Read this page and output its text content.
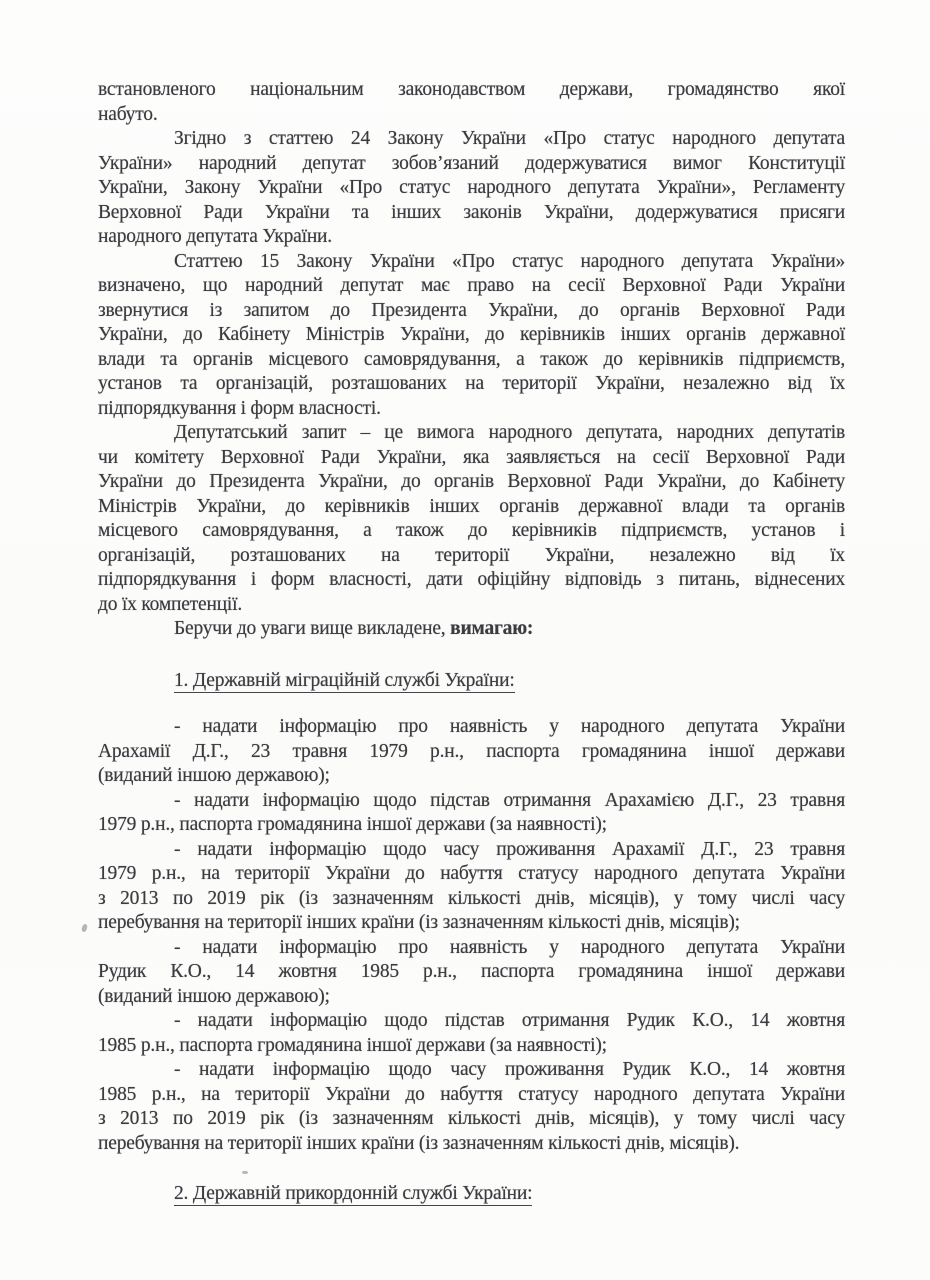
встановленого національним законодавством держави, громадянство якої
набуто.
Згідно з статтею 24 Закону України «Про статус народного депутата
України» народний депутат зобов’язаний додержуватися вимог Конституції
України, Закону України «Про статус народного депутата України», Регламенту
Верховної Ради України та інших законів України, додержуватися присяги
народного депутата України.
Статтею 15 Закону України «Про статус народного депутата України»
визначено, що народний депутат має право на сесії Верховної Ради України
звернутися із запитом до Президента України, до органів Верховної Ради
України, до Кабінету Міністрів України, до керівників інших органів державної
влади та органів місцевого самоврядування, а також до керівників підприємств,
установ та організацій, розташованих на території України, незалежно від їх
підпорядкування і форм власності.
Депутатський запит – це вимога народного депутата, народних депутатів
чи комітету Верховної Ради України, яка заявляється на сесії Верховної Ради
України до Президента України, до органів Верховної Ради України, до Кабінету
Міністрів України, до керівників інших органів державної влади та органів
місцевого самоврядування, а також до керівників підприємств, установ і
організацій, розташованих на території України, незалежно від їх
підпорядкування і форм власності, дати офіційну відповідь з питань, віднесених
до їх компетенції.
Беручи до уваги вище викладене, вимагаю:
1. Державній міграційній службі України:
- надати інформацію про наявність у народного депутата України
Арахамії Д.Г., 23 травня 1979 р.н., паспорта громадянина іншої держави
(виданий іншою державою);
- надати інформацію щодо підстав отримання Арахамією Д.Г., 23 травня
1979 р.н., паспорта громадянина іншої держави (за наявності);
- надати інформацію щодо часу проживання Арахамії Д.Г., 23 травня
1979 р.н., на території України до набуття статусу народного депутата України
з 2013 по 2019 рік (із зазначенням кількості днів, місяців), у тому числі часу
перебування на території інших країни (із зазначенням кількості днів, місяців);
- надати інформацію про наявність у народного депутата України
Рудик К.О., 14 жовтня 1985 р.н., паспорта громадянина іншої держави
(виданий іншою державою);
- надати інформацію щодо підстав отримання Рудик К.О., 14 жовтня
1985 р.н., паспорта громадянина іншої держави (за наявності);
- надати інформацію щодо часу проживання Рудик К.О., 14 жовтня
1985 р.н., на території України до набуття статусу народного депутата України
з 2013 по 2019 рік (із зазначенням кількості днів, місяців), у тому числі часу
перебування на території інших країни (із зазначенням кількості днів, місяців).
2. Державній прикордонній службі України:
